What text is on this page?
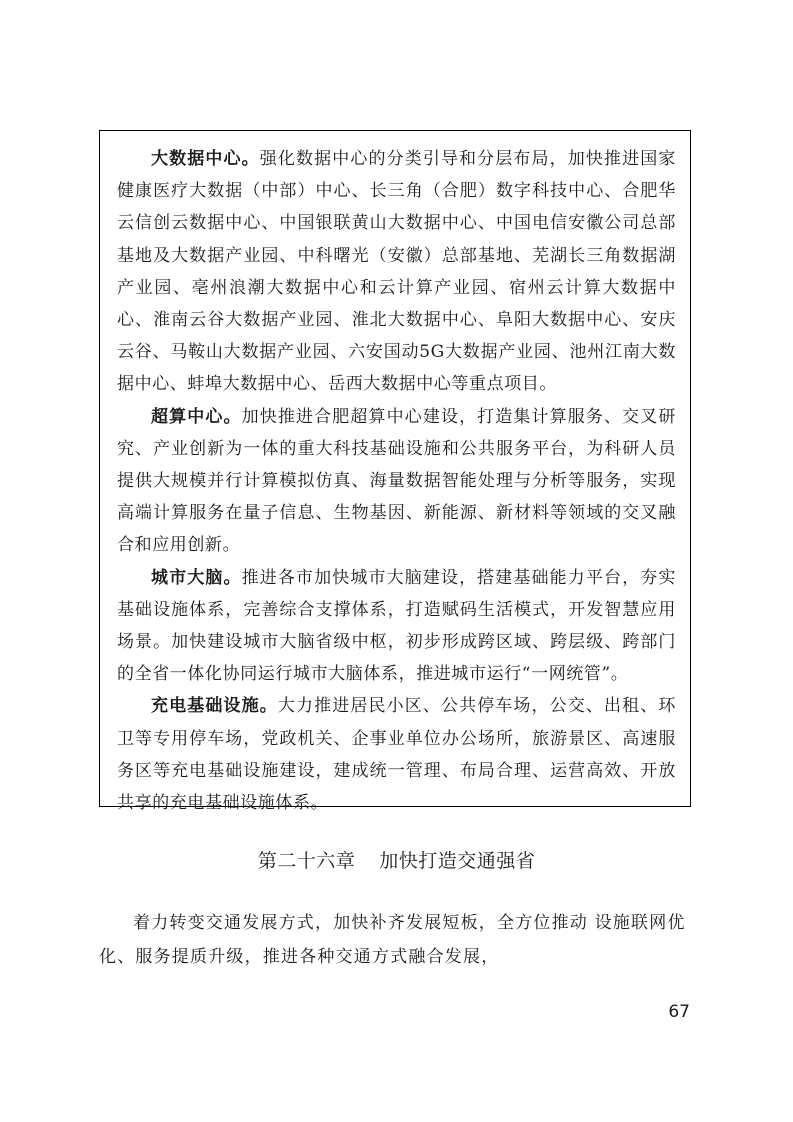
大数据中心。强化数据中心的分类引导和分层布局，加快推进国家健康医疗大数据（中部）中心、长三角（合肥）数字科技中心、合肥华云信创云数据中心、中国银联黄山大数据中心、中国电信安徽公司总部基地及大数据产业园、中科曙光（安徽）总部基地、芜湖长三角数据湖产业园、亳州浪潮大数据中心和云计算产业园、宿州云计算大数据中心、淮南云谷大数据产业园、淮北大数据中心、阜阳大数据中心、安庆云谷、马鞍山大数据产业园、六安国动5G大数据产业园、池州江南大数据中心、蚌埠大数据中心、岳西大数据中心等重点项目。

超算中心。加快推进合肥超算中心建设，打造集计算服务、交叉研究、产业创新为一体的重大科技基础设施和公共服务平台，为科研人员提供大规模并行计算模拟仿真、海量数据智能处理与分析等服务，实现高端计算服务在量子信息、生物基因、新能源、新材料等领域的交叉融合和应用创新。

城市大脑。推进各市加快城市大脑建设，搭建基础能力平台，夯实基础设施体系，完善综合支撑体系，打造赋码生活模式，开发智慧应用场景。加快建设城市大脑省级中枢，初步形成跨区域、跨层级、跨部门的全省一体化协同运行城市大脑体系，推进城市运行“一网统管”。

充电基础设施。大力推进居民小区、公共停车场，公交、出租、环卫等专用停车场，党政机关、企事业单位办公场所，旅游景区、高速服务区等充电基础设施建设，建成统一管理、布局合理、运营高效、开放共享的充电基础设施体系。

第二十六章 加快打造交通强省

着力转变交通发展方式，加快补齐发展短板，全方位推动 设施联网优化、服务提质升级，推进各种交通方式融合发展，

67
